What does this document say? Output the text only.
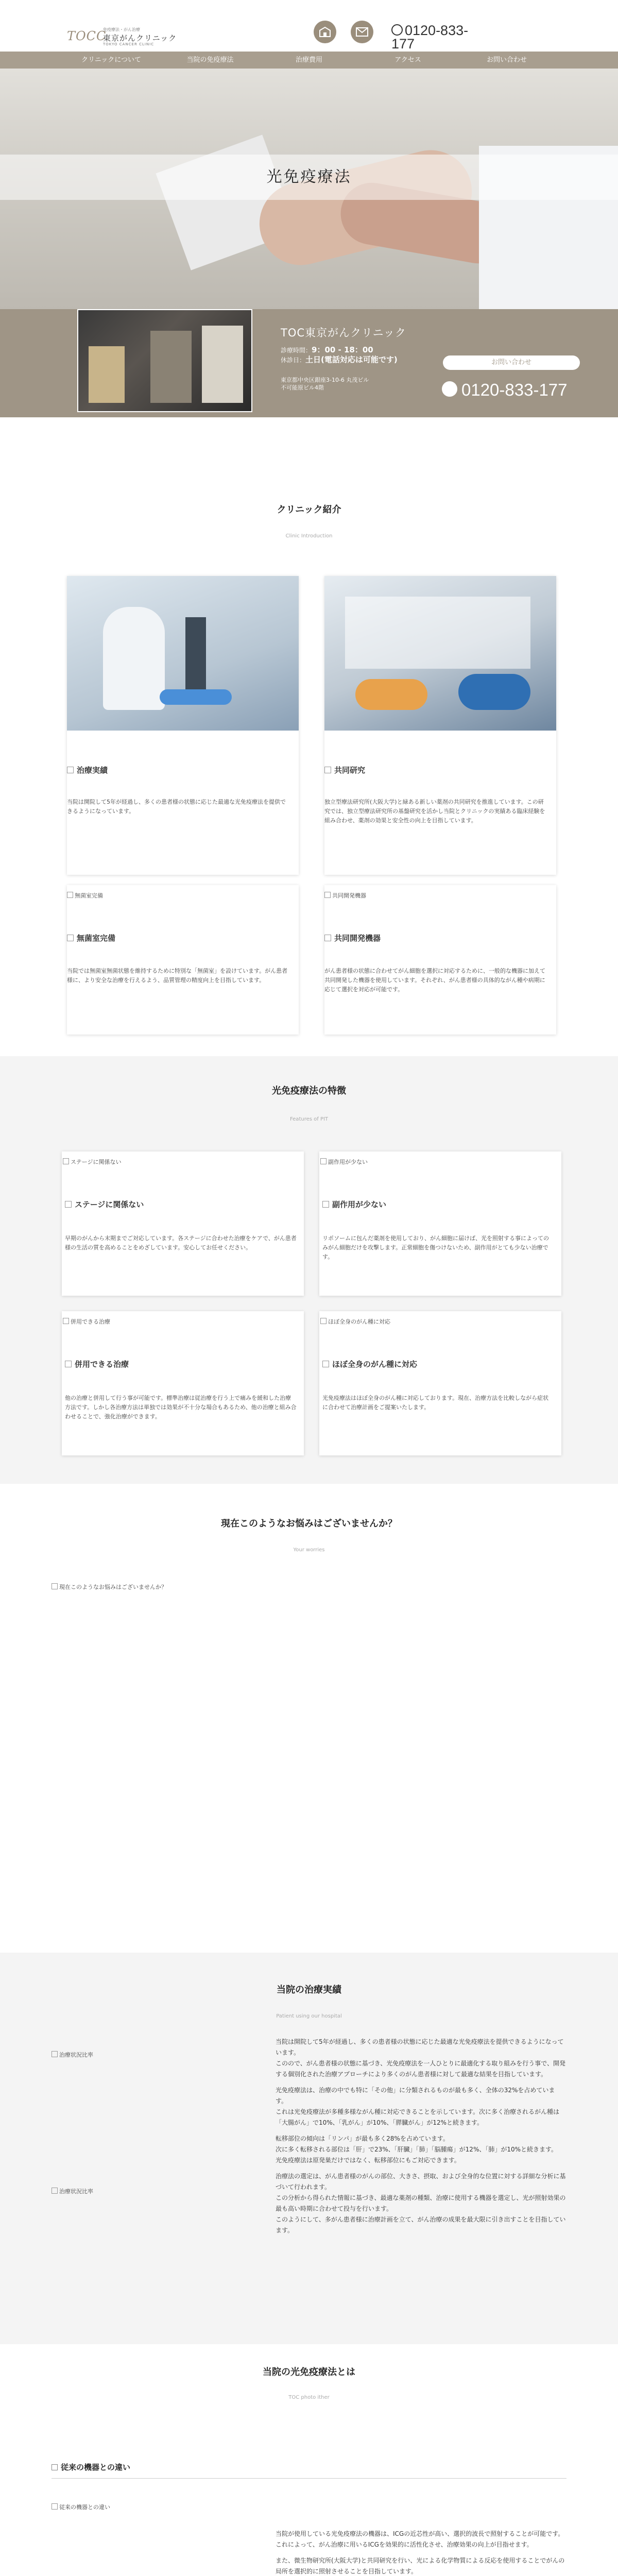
TOCC
免疫療法・がん治療
東京がんクリニック
TOKYO CANCER CLINIC
0120-833-177
クリニックについて	当院の免疫療法	治療費用	アクセス	お問い合わせ
光免疫療法
TOC東京がんクリニック
診療時間：9：00 - 18：00
休診日：土日(電話対応は可能です)
東京都中央区銀座3-10-6 丸茂ビル
不可能原ビル4階
お問い合わせ
0120-833-177
クリニック紹介
Clinic Introduction
治療実績
当院は開院して5年が経過し、多くの患者様の状態に応じた最適な光免疫療法を提供できるようになっています。
共同研究
独立型療法研究所(大阪大学)と緑ある新しい薬剤の共同研究を推進しています。この研究では、独立型療法研究所の基盤研究を活かし当院とクリニックの実績ある臨床経験を組み合わせ、薬剤の効果と安全性の向上を目指しています。
無菌室完備
無菌室完備
当院では無菌室無菌状態を維持するために特別な「無菌室」を設けています。がん患者様に、より安全な治療を行えるよう、品質管理の精度向上を目指しています。
共同開発機器
共同開発機器
がん患者様の状態に合わせてがん細胞を選択に対応するために、一般的な機器に加えて共同開発した機器を使用しています。それぞれ、がん患者様の具体的ながん種や病期に応じて選択を対応が可能です。
光免疫療法の特徴
Features of PIT
ステージに関係ない
ステージに関係ない
早期のがんから末期までご対応しています。各ステージに合わせた治療をケアで、がん患者様の生活の質を高めることをめざしています。安心してお任せください。
副作用が少ない
副作用が少ない
リポソームに包んだ薬剤を使用しており、がん細胞に届けば、光を照射する事によってのみがん細胞だけを攻撃します。正常細胞を傷つけないため、副作用がとても少ない治療です。
併用できる治療
併用できる治療
他の治療と併用して行う事が可能です。標準治療は従治療を行う上で痛みを緩和した治療方法です。しかし各治療方法は単独では効果が不十分な場合もあるため、他の治療と組み合わせることで、強化治療ができます。
ほぼ全身のがん種に対応
ほぼ全身のがん種に対応
光免疫療法はほぼ全身のがん種に対応しております。現在、治療方法を比較しながら症状に合わせて治療計画をご提案いたします。
現在このようなお悩みはございませんか？
Your worries
現在このようなお悩みはございませんか？
当院の治療実績
Patient using our hospital
治療状況比率
治療状況比率

当院は開院して5年が経過し、多くの患者様の状態に応じた最適な光免疫療法を提供できるようになっています。

このので、がん患者様の状態に基づき、光免疫療法を一人ひとりに最適化する取り組みを行う事で、開発する個別化された治療アプローチにより多くのがん患者様に対して最適な結果を目指しています。

光免疫療法は、治療の中でも特に「その他」に分類されるものが最も多く、全体の32%を占めています。

これは光免疫療法が多種多様ながん種に対応できることを示しています。次に多く治療されるがん種は「大腸がん」で10%、「乳がん」が10%、「膵臓がん」が12%と続きます。

転移部位の傾向は「リンパ」が最も多く28%を占めています。

次に多く転移される部位は「肝」で23%、「肝臓」「肺」「脳腫瘍」が12%、「肺」が10%と続きます。

光免疫療法は原発巣だけではなく、転移部位にもご対応できます。

治療法の選定は、がん患者様のがんの部位、大きさ、摂取、および全身的な位置に対する詳細な分析に基づいて行われます。

この分析から得られた情報に基づき、最適な薬剤の種類、治療に使用する機器を選定し、光が照射効果の最も高い時期に合わせて投与を行います。

このようにして、多がん患者様に治療計画を立て、がん治療の成果を最大限に引き出すことを目指しています。

当院の光免疫療法とは
TOC photo ither
従来の機器との違い
従来の機器との違い

当院が使用している光免疫療法の機器は、ICGの近芯性が高い、選択的波長で照射することが可能です。

これによって、がん治療に用いるICGを効果的に活性化させ、治療効果の向上が目指せます。

また、微生物研究所(大阪大学)と共同研究を行い、光による化学物質による反応を使用することでがんの局所を選択的に照射させることを目指しています。
